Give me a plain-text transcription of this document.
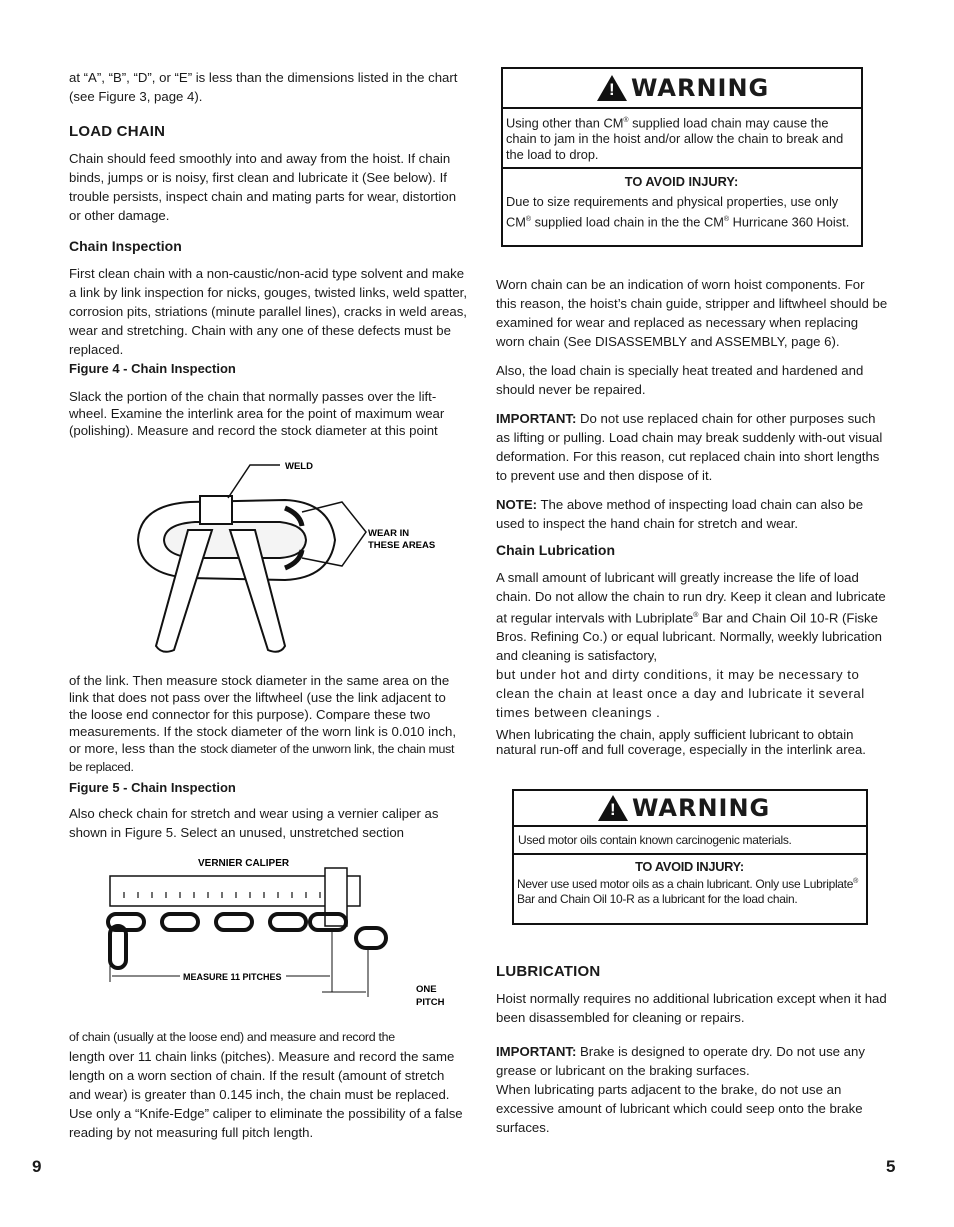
at “A”, “B”, “D”, or “E” is less than the dimensions listed in the chart (see Figure 3, page 4).

LOAD CHAIN

Chain should feed smoothly into and away from the hoist. If chain binds, jumps or is noisy, first clean and lubricate it (See below). If trouble persists, inspect chain and mating parts for wear, distortion or other damage.

Chain Inspection

First clean chain with a non-caustic/non-acid type solvent and make a link by link inspection for nicks, gouges, twisted links, weld spatter, corrosion pits, striations (minute parallel lines), cracks in weld areas, wear and stretching. Chain with any one of these defects must be replaced.

Figure 4 - Chain Inspection

Slack the portion of the chain that normally passes over the lift-wheel. Examine the interlink area for the point of maximum wear (polishing). Measure and record the stock diameter at this point

WELD
WEAR IN
THESE AREAS

of the link. Then measure stock diameter in the same area on the link that does not pass over the liftwheel (use the link adjacent to the loose end connector for this purpose). Compare these two measurements. If the stock diameter of the worn link is 0.010 inch, or more, less than the stock diameter of the unworn link, the chain must be replaced.

Figure 5 - Chain Inspection

Also check chain for stretch and wear using a vernier caliper as shown in Figure 5. Select an unused, unstretched section

VERNIER CALIPER
MEASURE 11 PITCHES
ONE
PITCH

of chain (usually at the loose end) and measure and record the

length over 11 chain links (pitches). Measure and record the same length on a worn section of chain. If the result (amount of stretch and wear) is greater than 0.145 inch, the chain must be replaced.

Use only a “Knife-Edge” caliper to eliminate the possibility of a false reading by not measuring full pitch length.

! WARNING
Using other than CM® supplied load chain may cause the chain to jam in the hoist and/or allow the chain to break and the load to drop.

TO AVOID INJURY:

Due to size requirements and physical properties, use only CM® supplied load chain in the the CM® Hurricane 360 Hoist.

Worn chain can be an indication of worn hoist components. For this reason, the hoist’s chain guide, stripper and liftwheel should be examined for wear and replaced as necessary when replacing worn chain (See DISASSEMBLY and ASSEMBLY, page 6).

Also, the load chain is specially heat treated and hardened and should never be repaired.

IMPORTANT: Do not use replaced chain for other purposes such as lifting or pulling. Load chain may break suddenly with-out visual deformation. For this reason, cut replaced chain into short lengths to prevent use and then dispose of it.

NOTE: The above method of inspecting load chain can also be used to inspect the hand chain for stretch and wear.

Chain Lubrication

A small amount of lubricant will greatly increase the life of load chain. Do not allow the chain to run dry. Keep it clean and lubricate at regular intervals with Lubriplate® Bar and Chain Oil 10-R (Fiske Bros. Refining Co.) or equal lubricant. Normally, weekly lubrication and cleaning is satisfactory,

but under hot and dirty conditions, it may be necessary to clean the chain at least once a day and lubricate it several times between cleanings .

When lubricating the chain, apply sufficient lubricant to obtain natural run-off and full coverage, especially in the interlink area.

! WARNING
Used motor oils contain known carcinogenic materials.

TO AVOID INJURY:

Never use used motor oils as a chain lubricant. Only use Lubriplate® Bar and Chain Oil 10-R as a lubricant for the load chain.

LUBRICATION

Hoist normally requires no additional lubrication except when it had been disassembled for cleaning or repairs.

IMPORTANT: Brake is designed to operate dry. Do not use any grease or lubricant on the braking surfaces.

When lubricating parts adjacent to the brake, do not use an excessive amount of lubricant which could seep onto the brake surfaces.

9	5
